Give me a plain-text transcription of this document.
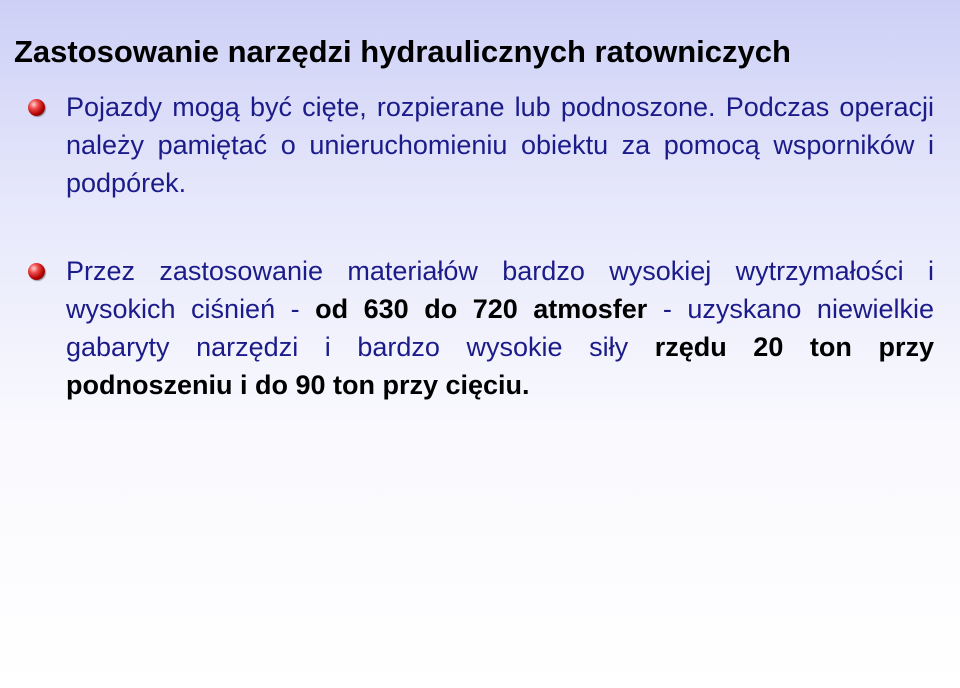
Zastosowanie narzędzi hydraulicznych ratowniczych
Pojazdy mogą być cięte, rozpierane lub podnoszone. Podczas operacji należy pamiętać o unieruchomieniu obiektu za pomocą wsporników i podpórek.
Przez zastosowanie materiałów bardzo wysokiej wytrzymałości i wysokich ciśnień - od 630 do 720 atmosfer - uzyskano niewielkie gabaryty narzędzi i bardzo wysokie siły rzędu 20 ton przy podnoszeniu i do 90 ton przy cięciu.
